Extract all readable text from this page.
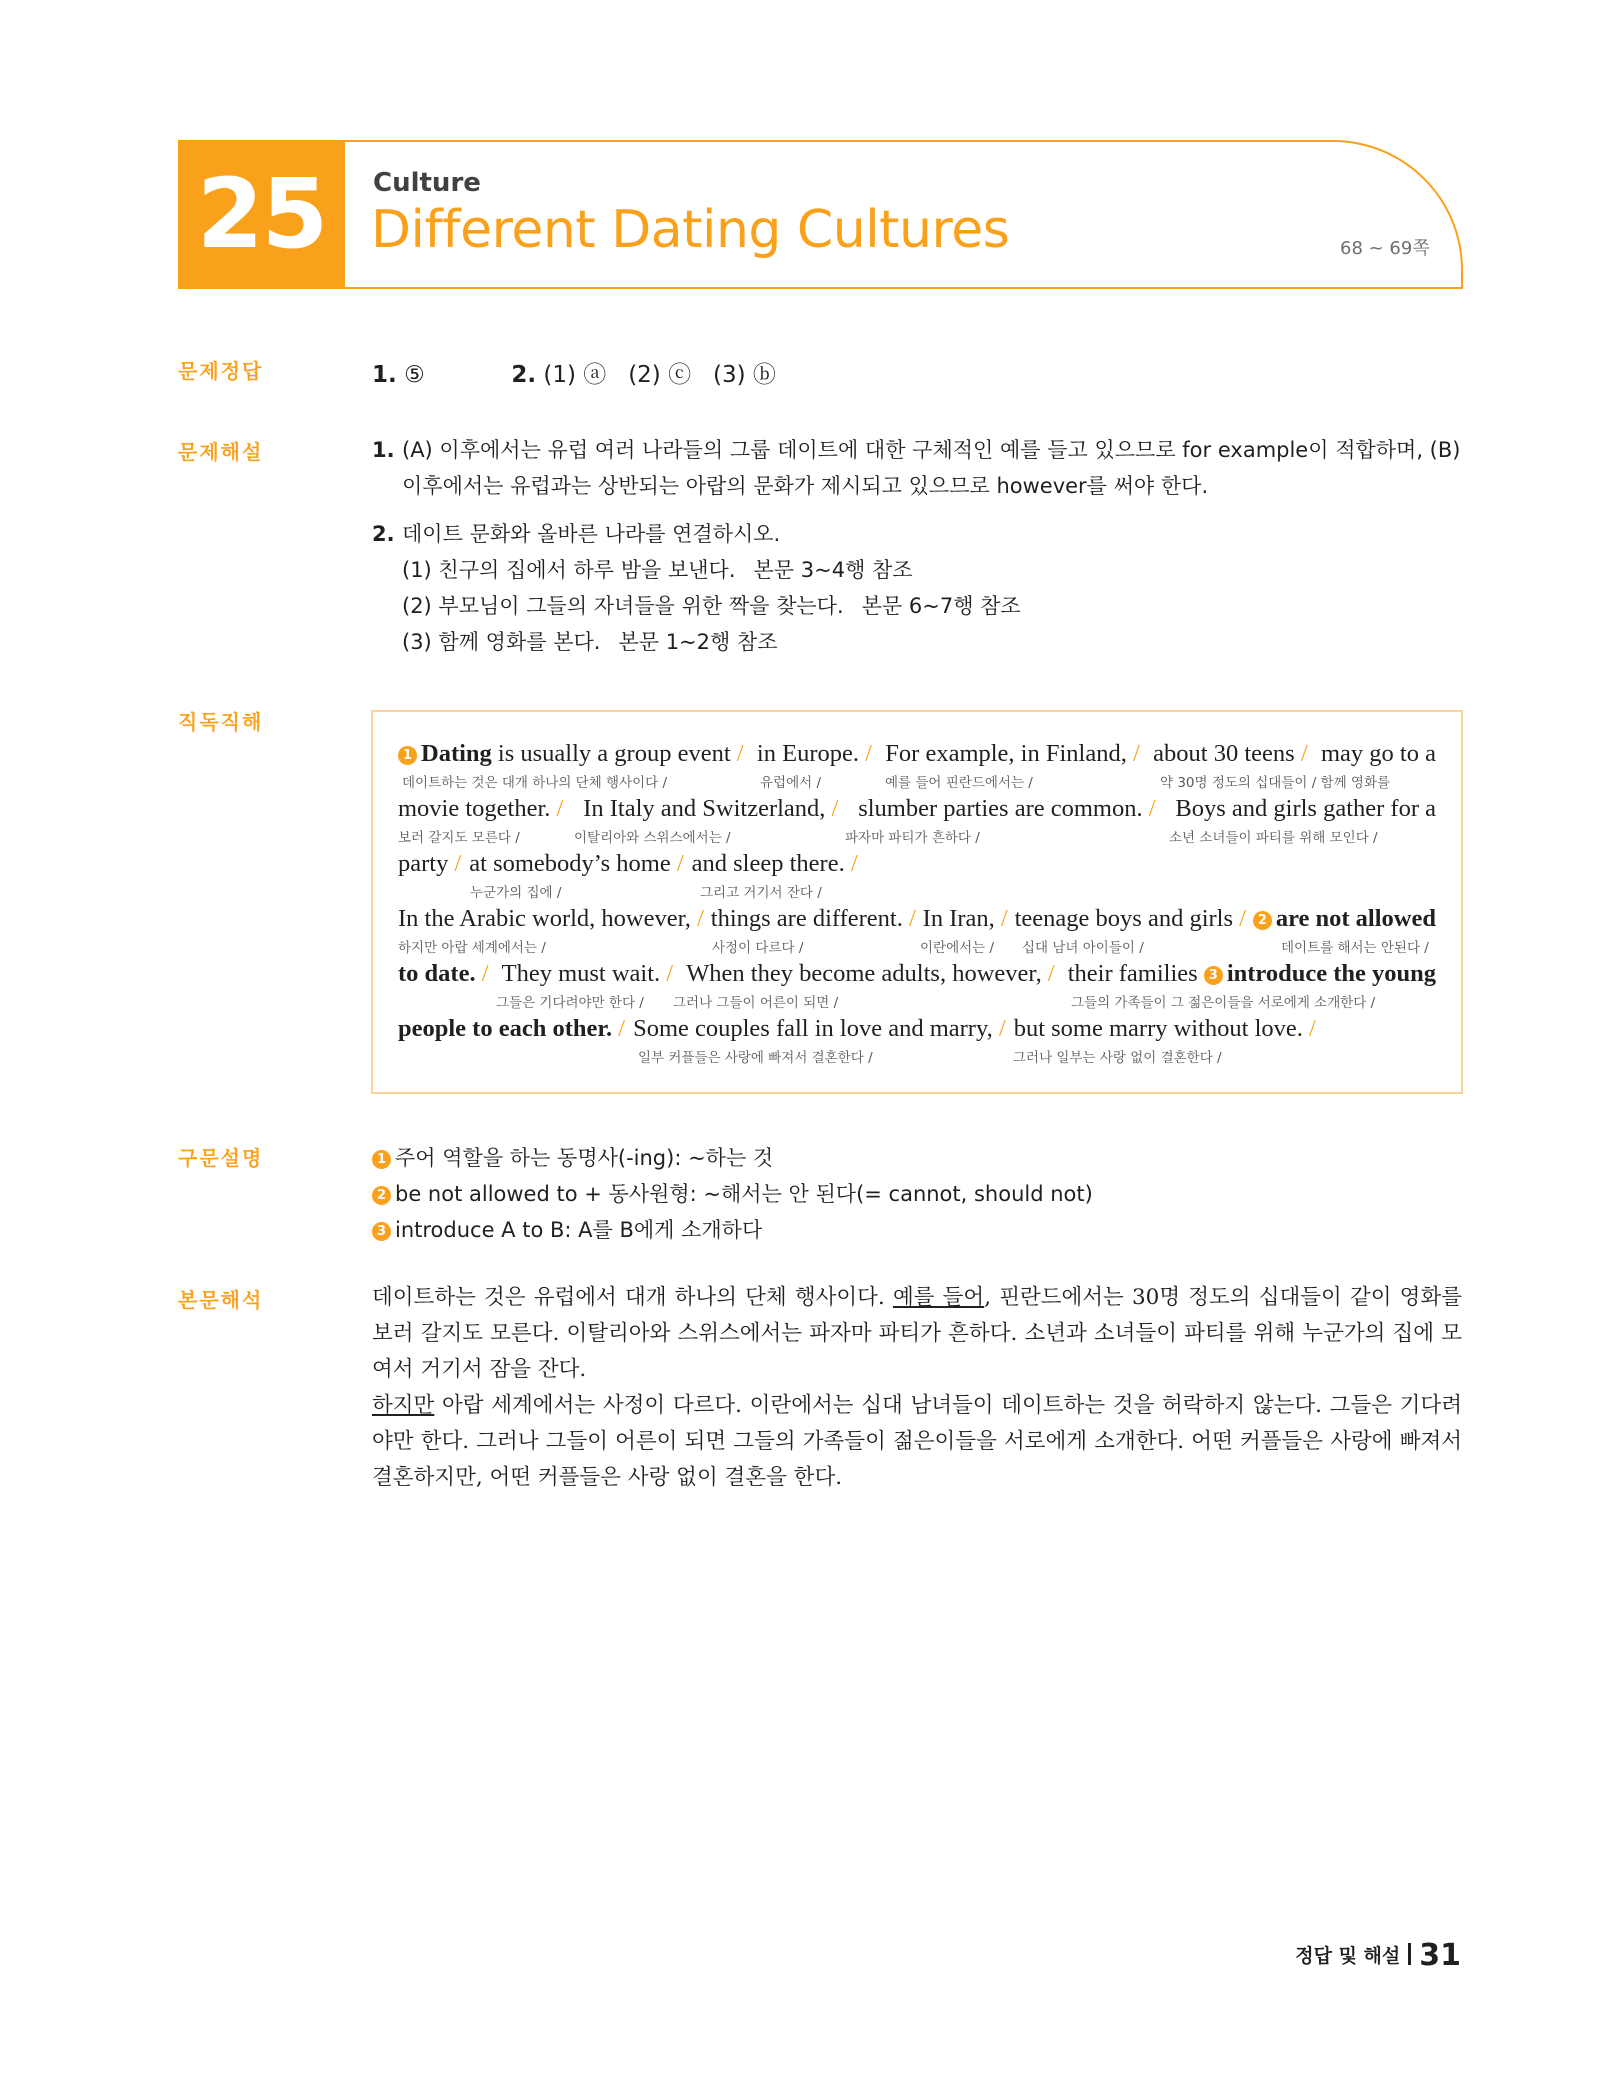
25	Culture
Different Dating Cultures	68 ~ 69쪽
문제정답
문제해설
직독직해
구문설명
본문해석
1. ⑤	2. (1) ⓐ   (2) ⓒ   (3) ⓑ
1. (A) 이후에서는 유럽 여러 나라들의 그룹 데이트에 대한 구체적인 예를 들고 있으므로 for example이 적합하며, (B) 이후에서는 유럽과는 상반되는 아랍의 문화가 제시되고 있으므로 however를 써야 한다.
2. 데이트 문화와 올바른 나라를 연결하시오.
(1) 친구의 집에서 하루 밤을 보낸다. 본문 3~4행 참조
(2) 부모님이 그들의 자녀들을 위한 짝을 찾는다. 본문 6~7행 참조
(3) 함께 영화를 본다. 본문 1~2행 참조
1 Dating is usually a group event / in Europe. / For example, in Finland, / about 30 teens / may go to a
데이트하는 것은 대개 하나의 단체 행사이다 /	유럽에서 /	예를 들어 핀란드에서는 /	약 30명 정도의 십대들이 / 함께 영화를
movie together. / In Italy and Switzerland, / slumber parties are common. / Boys and girls gather for a
보러 갈지도 모른다 /	이탈리아와 스위스에서는 /	파자마 파티가 흔하다 /	소년 소녀들이 파티를 위해 모인다 /
party / at somebody’s home / and sleep there. /
누군가의 집에 /	그리고 거기서 잔다 /
In the Arabic world, however, / things are different. / In Iran, / teenage boys and girls / 2 are not allowed
하지만 아랍 세계에서는 /	사정이 다르다 /	이란에서는 / 십대 남녀 아이들이 /	데이트를 해서는 안된다 /
to date. / They must wait. / When they become adults, however, / their families 3 introduce the young
그들은 기다려야만 한다 / 그러나 그들이 어른이 되면 /	그들의 가족들이 그 젊은이들을 서로에게 소개한다 /
people to each other. / Some couples fall in love and marry, / but some marry without love. /
일부 커플들은 사랑에 빠져서 결혼한다 /	그러나 일부는 사랑 없이 결혼한다 /
1 주어 역할을 하는 동명사(-ing): ~하는 것
2 be not allowed to + 동사원형: ~해서는 안 된다(= cannot, should not)
3 introduce A to B: A를 B에게 소개하다

데이트하는 것은 유럽에서 대개 하나의 단체 행사이다. 예를 들어, 핀란드에서는 30명 정도의 십대들이 같이 영화를 보러 갈지도 모른다. 이탈리아와 스위스에서는 파자마 파티가 흔하다. 소년과 소녀들이 파티를 위해 누군가의 집에 모여서 거기서 잠을 잔다.

하지만 아랍 세계에서는 사정이 다르다. 이란에서는 십대 남녀들이 데이트하는 것을 허락하지 않는다. 그들은 기다려야만 한다. 그러나 그들이 어른이 되면 그들의 가족들이 젊은이들을 서로에게 소개한다. 어떤 커플들은 사랑에 빠져서 결혼하지만, 어떤 커플들은 사랑 없이 결혼을 한다.

정답 및 해설 31
